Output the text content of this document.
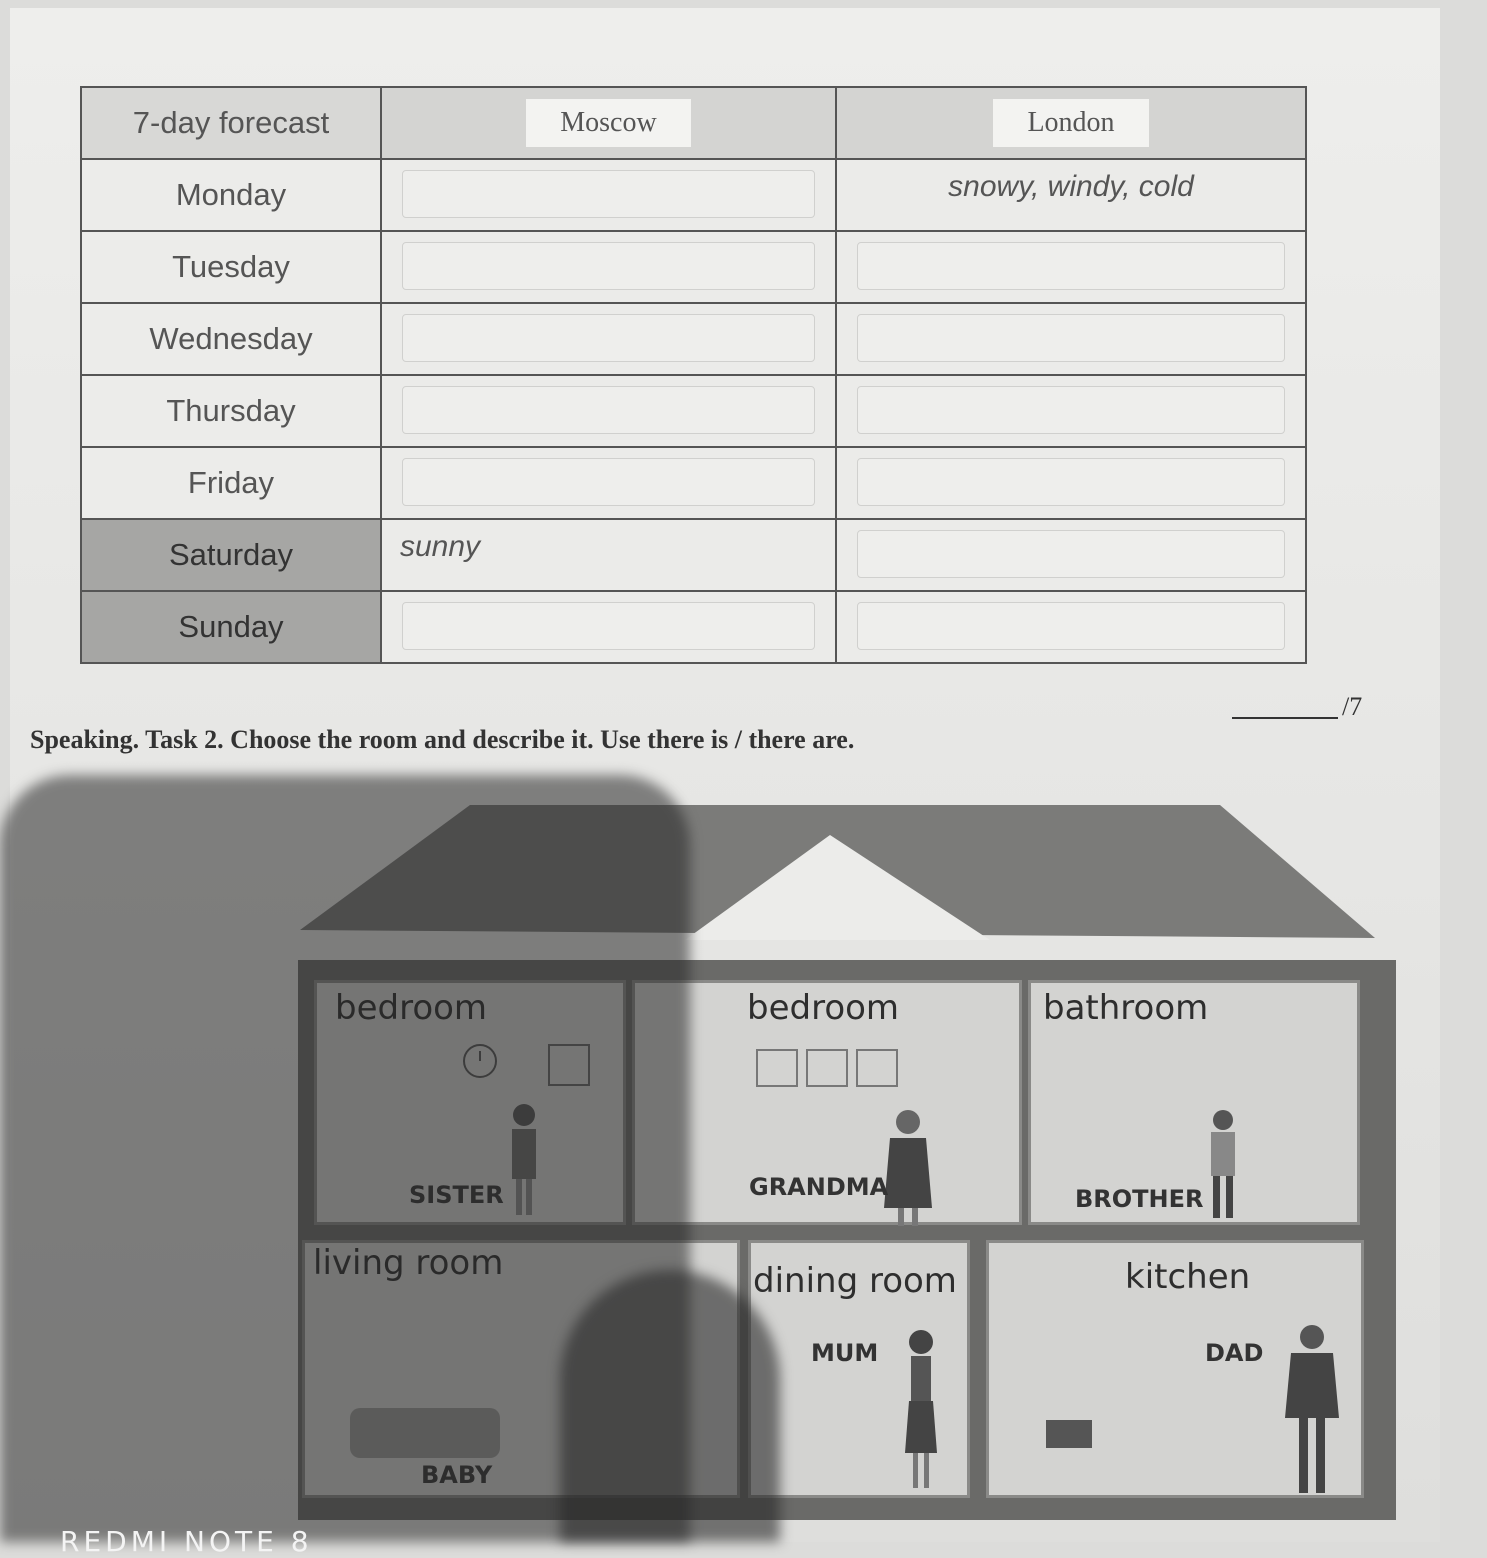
7-day forecast	Moscow	London
Monday		snowy, windy, cold

Tuesday	

Wednesday	

Thursday	

Friday	

Saturday	sunny	

Sunday	

/7
Speaking. Task 2. Choose the room and describe it. Use there is / there are.
bedroom
GRANDMA
bathroom
BROTHER
dining room
MUM
kitchen
DAD
REDMI NOTE 8
